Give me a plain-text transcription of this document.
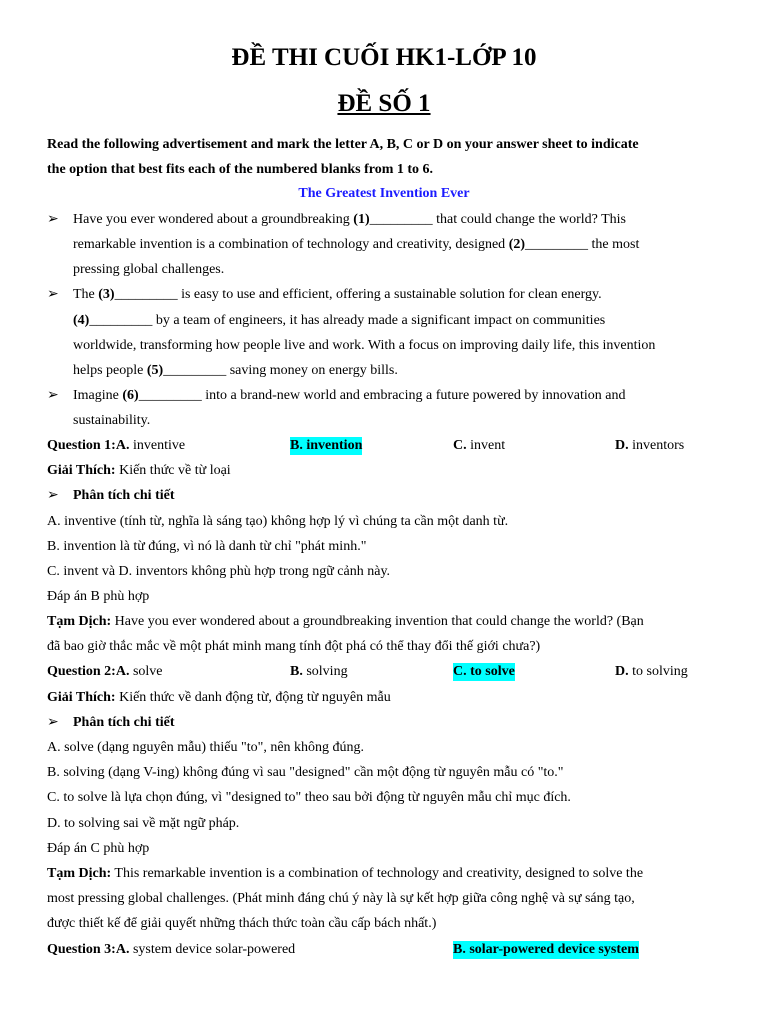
ĐỀ THI CUỐI HK1-LỚP 10
ĐỀ SỐ 1
Read the following advertisement and mark the letter A, B, C or D on your answer sheet to indicate
the option that best fits each of the numbered blanks from 1 to 6.
The Greatest Invention Ever
➢ Have you ever wondered about a groundbreaking (1)_________ that could change the world? This
remarkable invention is a combination of technology and creativity, designed (2)_________ the most
pressing global challenges.
➢ The (3)_________ is easy to use and efficient, offering a sustainable solution for clean energy.
(4)_________ by a team of engineers, it has already made a significant impact on communities
worldwide, transforming how people live and work. With a focus on improving daily life, this invention
helps people (5)_________ saving money on energy bills.
➢ Imagine (6)_________ into a brand-new world and embracing a future powered by innovation and
sustainability.
Question 1:A. inventive	B. invention	C. invent	D. inventors
Giải Thích: Kiến thức về từ loại
➢ Phân tích chi tiết
A. inventive (tính từ, nghĩa là sáng tạo) không hợp lý vì chúng ta cần một danh từ.
B. invention là từ đúng, vì nó là danh từ chỉ "phát minh."
C. invent và D. inventors không phù hợp trong ngữ cảnh này.
Đáp án B phù hợp
Tạm Dịch: Have you ever wondered about a groundbreaking invention that could change the world? (Bạn
đã bao giờ thắc mắc về một phát minh mang tính đột phá có thể thay đổi thế giới chưa?)
Question 2:A. solve	B. solving	C. to solve	D. to solving
Giải Thích: Kiến thức về danh động từ, động từ nguyên mẫu
➢ Phân tích chi tiết
A. solve (dạng nguyên mẫu) thiếu "to", nên không đúng.
B. solving (dạng V-ing) không đúng vì sau "designed" cần một động từ nguyên mẫu có "to."
C. to solve là lựa chọn đúng, vì "designed to" theo sau bởi động từ nguyên mẫu chỉ mục đích.
D. to solving sai về mặt ngữ pháp.
Đáp án C phù hợp
Tạm Dịch: This remarkable invention is a combination of technology and creativity, designed to solve the
most pressing global challenges. (Phát minh đáng chú ý này là sự kết hợp giữa công nghệ và sự sáng tạo,
được thiết kế để giải quyết những thách thức toàn cầu cấp bách nhất.)
Question 3:A. system device solar-powered	B. solar-powered device system
